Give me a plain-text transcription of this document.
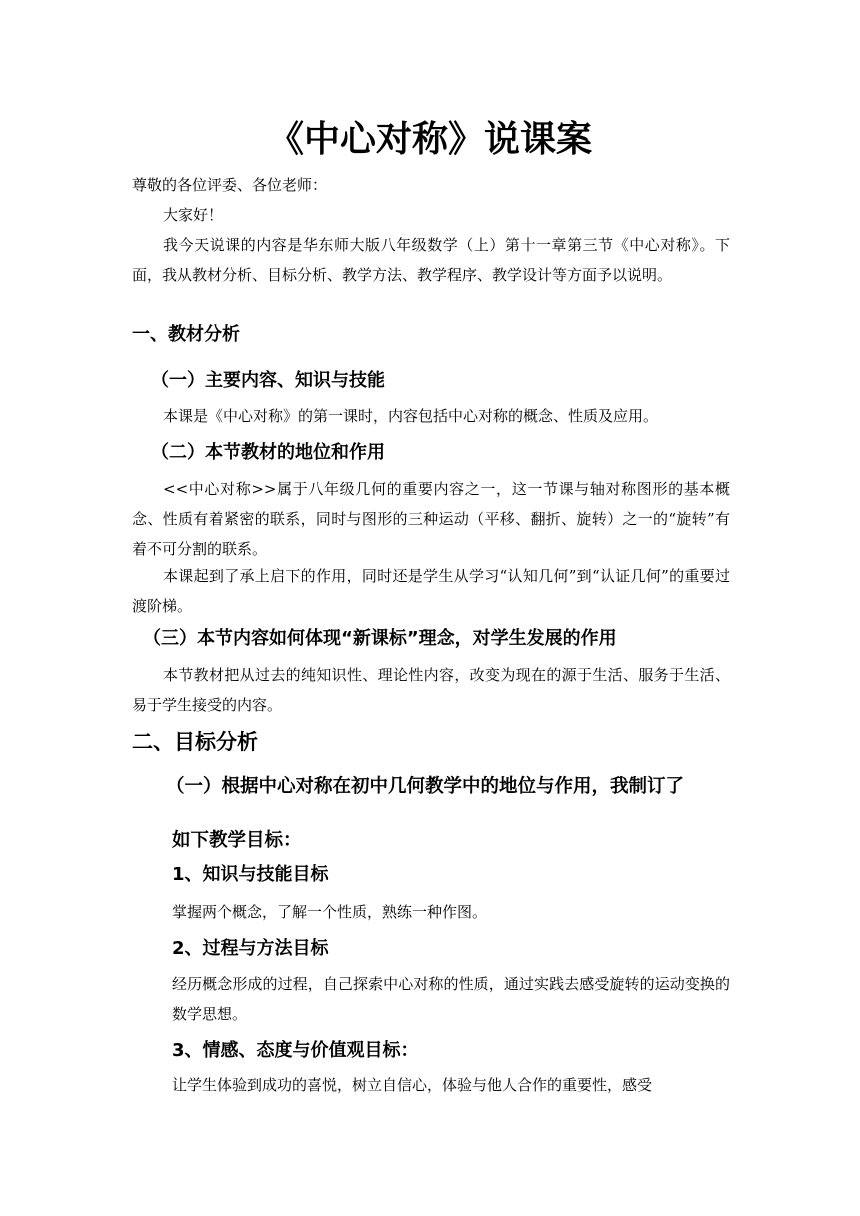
《中心对称》说课案

尊敬的各位评委、各位老师：

大家好！

我今天说课的内容是华东师大版八年级数学（上）第十一章第三节《中心对称》。下面，我从教材分析、目标分析、教学方法、教学程序、教学设计等方面予以说明。

一、教材分析
（一）主要内容、知识与技能

本课是《中心对称》的第一课时，内容包括中心对称的概念、性质及应用。

（二）本节教材的地位和作用

<<中心对称>>属于八年级几何的重要内容之一，这一节课与轴对称图形的基本概念、性质有着紧密的联系，同时与图形的三种运动（平移、翻折、旋转）之一的“旋转”有着不可分割的联系。

本课起到了承上启下的作用，同时还是学生从学习“认知几何”到“认证几何”的重要过渡阶梯。

（三）本节内容如何体现“新课标”理念，对学生发展的作用

本节教材把从过去的纯知识性、理论性内容，改变为现在的源于生活、服务于生活、易于学生接受的内容。

二、目标分析
（一）根据中心对称在初中几何教学中的地位与作用，我制订了
如下教学目标：
1、知识与技能目标

掌握两个概念，了解一个性质，熟练一种作图。

2、过程与方法目标

经历概念形成的过程，自己探索中心对称的性质，通过实践去感受旋转的运动变换的数学思想。

3、情感、态度与价值观目标：

让学生体验到成功的喜悦，树立自信心，体验与他人合作的重要性，感受
